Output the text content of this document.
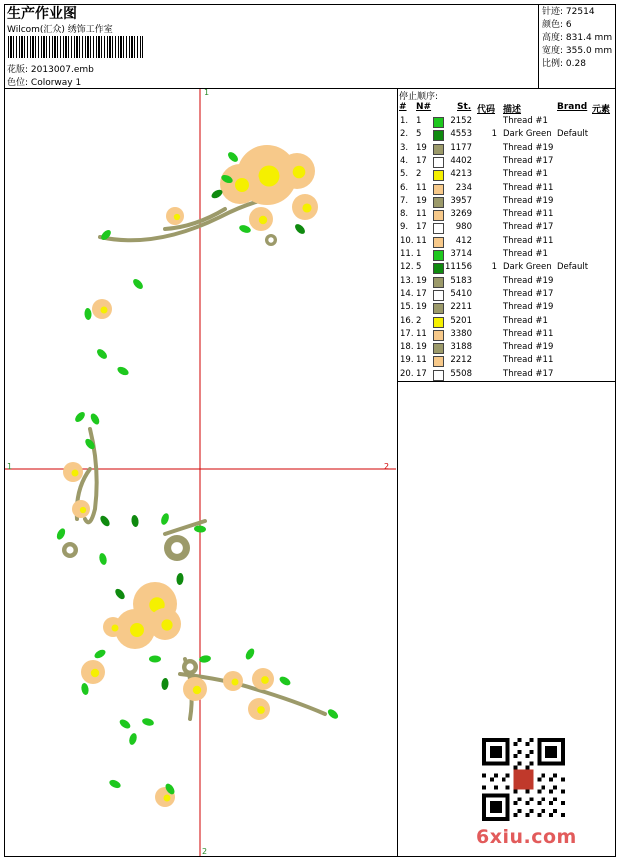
生产作业图
Wilcom(汇众) 绣饰工作室
花版: 2013007.emb
色位: Colorway 1
针迹: 72514
颜色: 6
高度: 831.4 mm
宽度: 355.0 mm
比例: 0.28
停止顺序:
# N#	St. 代码 描述	Brand 元素
1. 1	2152	Thread #1
2. 5	4553	1 Dark Green Default
3. 19	1177	Thread #19
4. 17	4402	Thread #17
5. 2	4213	Thread #1
6. 11	234	Thread #11
7. 19	3957	Thread #19
8. 11	3269	Thread #11
9. 17	980	Thread #17
10. 11	412	Thread #11
11. 1	3714	Thread #1
12. 5	11156	1 Dark Green Default
13. 19	5183	Thread #19
14. 17	5410	Thread #17
15. 19	2211	Thread #19
16. 2	5201	Thread #1
17. 11	3380	Thread #11
18. 19	3188	Thread #19
19. 11	2212	Thread #11
20. 17	5508	Thread #17
1
2
1	2
6xiu.com
